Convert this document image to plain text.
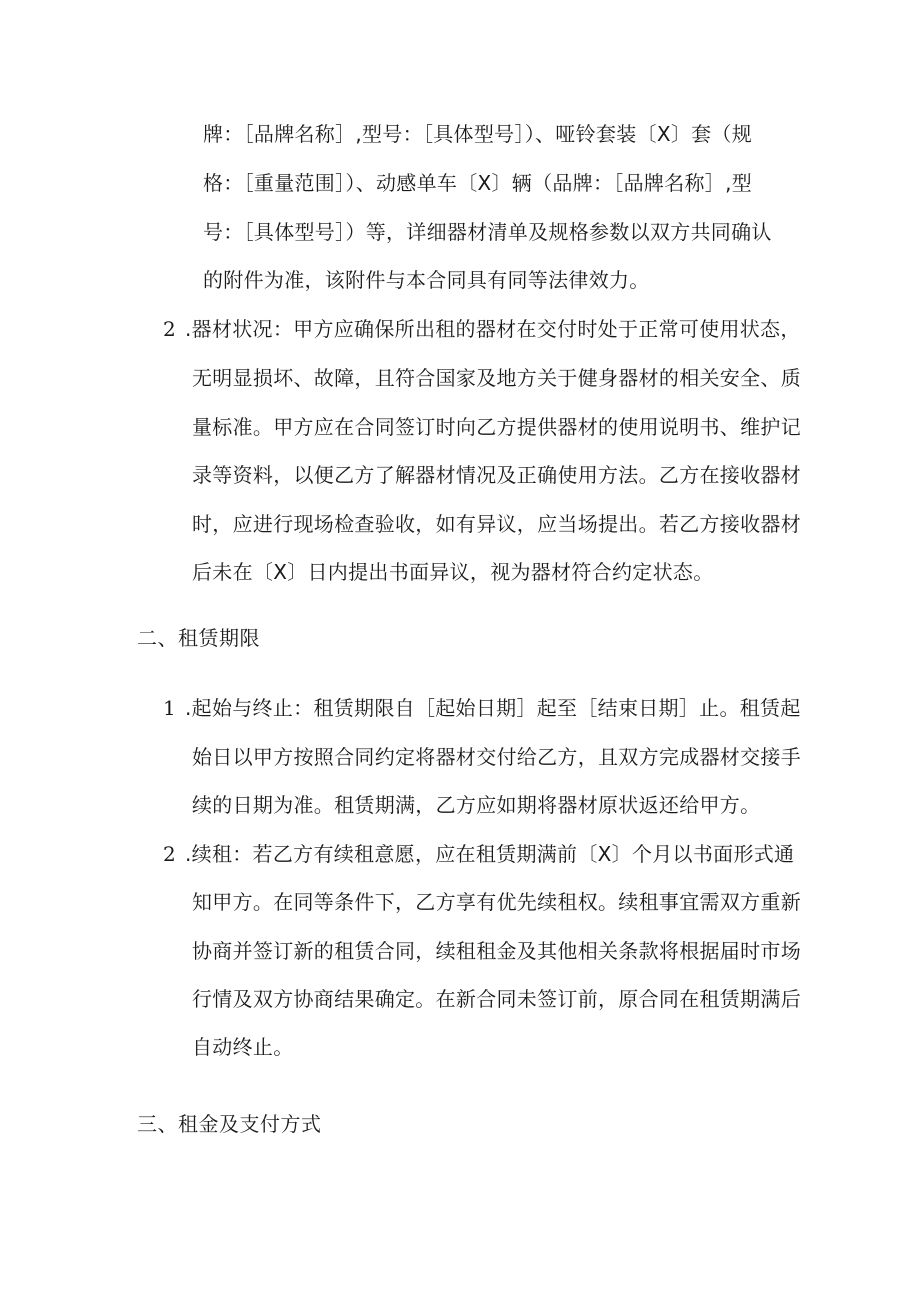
牌：［品牌名称］,型号：［具体型号］）、哑铃套装〔X〕套（规
格：［重量范围］）、动感单车〔X〕辆（品牌：［品牌名称］,型
号：［具体型号］）等，详细器材清单及规格参数以双方共同确认
的附件为准，该附件与本合同具有同等法律效力。
2 .器材状况：甲方应确保所出租的器材在交付时处于正常可使用状态，
无明显损坏、故障，且符合国家及地方关于健身器材的相关安全、质
量标准。甲方应在合同签订时向乙方提供器材的使用说明书、维护记
录等资料，以便乙方了解器材情况及正确使用方法。乙方在接收器材
时，应进行现场检查验收，如有异议，应当场提出。若乙方接收器材
后未在〔X〕日内提出书面异议，视为器材符合约定状态。
二、租赁期限
1 .起始与终止：租赁期限自［起始日期］起至［结束日期］止。租赁起
始日以甲方按照合同约定将器材交付给乙方，且双方完成器材交接手
续的日期为准。租赁期满，乙方应如期将器材原状返还给甲方。
2 .续租：若乙方有续租意愿，应在租赁期满前〔X〕个月以书面形式通
知甲方。在同等条件下，乙方享有优先续租权。续租事宜需双方重新
协商并签订新的租赁合同，续租租金及其他相关条款将根据届时市场
行情及双方协商结果确定。在新合同未签订前，原合同在租赁期满后
自动终止。
三、租金及支付方式
